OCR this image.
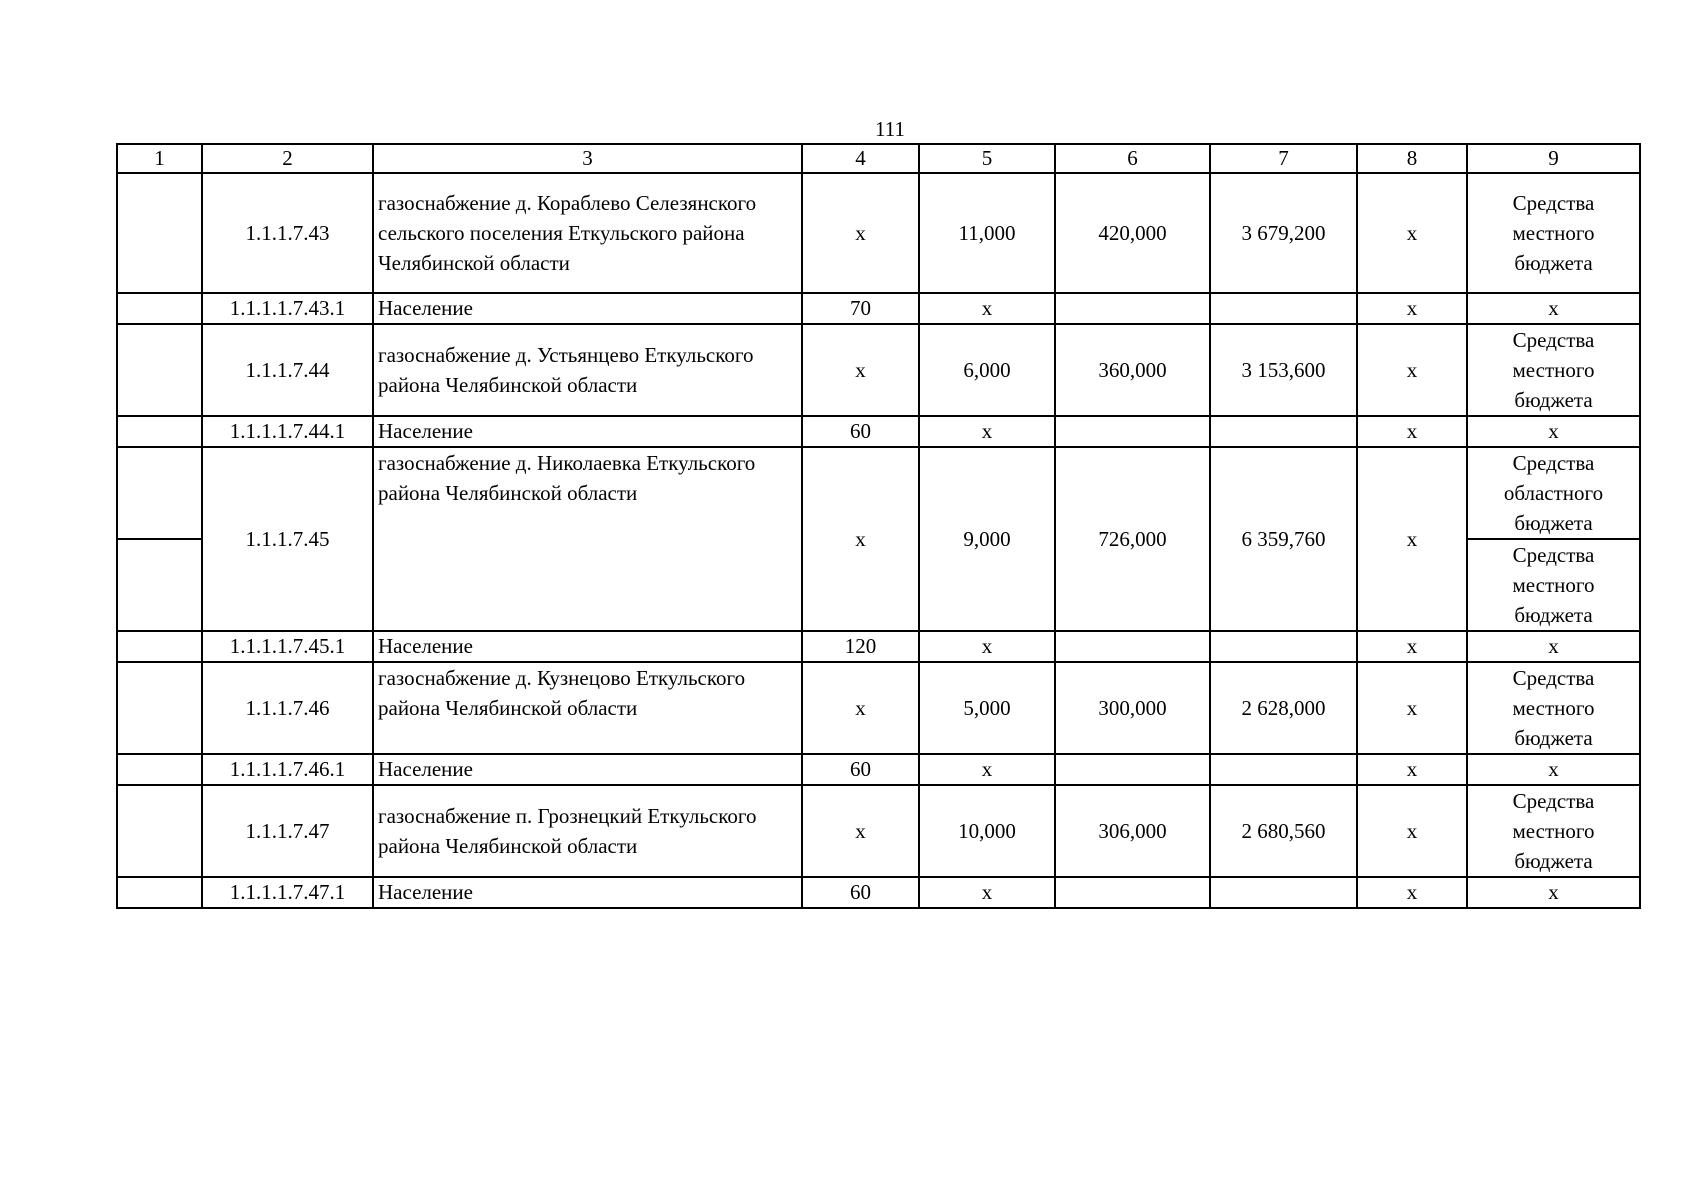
111
1	2	3	4	5	6	7	8	9
	1.1.1.7.43	газоснабжение д. Кораблево Селезянского сельского поселения Еткульского района Челябинской области	х	11,000	420,000	3 679,200	х	Средства местного бюджета
	1.1.1.1.7.43.1	Население	70	х			х	х
	1.1.1.7.44	газоснабжение д. Устьянцево Еткульского района Челябинской области	х	6,000	360,000	3 153,600	х	Средства местного бюджета
	1.1.1.1.7.44.1	Население	60	х			х	х
	1.1.1.7.45	газоснабжение д. Николаевка Еткульского района Челябинской области	х	9,000	726,000	6 359,760	х	Средства областного бюджета
								Средства местного бюджета
	1.1.1.1.7.45.1	Население	120	х			х	х
	1.1.1.7.46	газоснабжение д. Кузнецово Еткульского района Челябинской области	х	5,000	300,000	2 628,000	х	Средства местного бюджета
	1.1.1.1.7.46.1	Население	60	х			х	х
	1.1.1.7.47	газоснабжение п. Грознецкий Еткульского района Челябинской области	х	10,000	306,000	2 680,560	х	Средства местного бюджета
	1.1.1.1.7.47.1	Население	60	х			х	х
